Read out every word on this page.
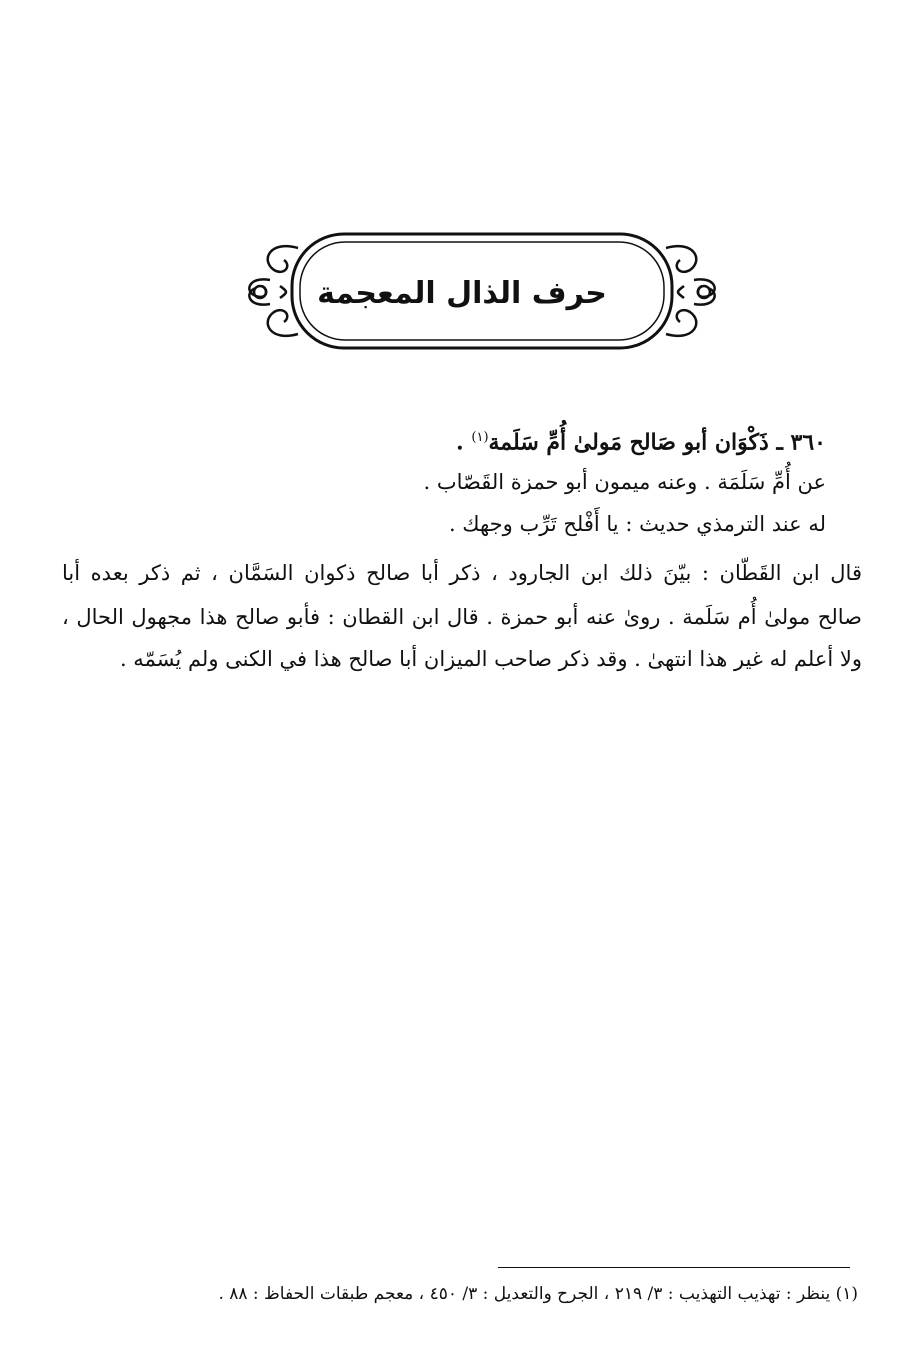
حرف الذال المعجمة
٣٦٠ ـ ذَكْوَان أبو صَالح مَولىٰ أُمِّ سَلَمة$^{(١)}$ .
عن أُمِّ سَلَمَة . وعنه ميمون أبو حمزة القَصّاب .
له عند الترمذي حديث : يا أَفْلح تَرِّب وجهك .
قال ابن القَطّان : بيّنَ ذلك ابن الجارود ، ذكر أبا صالح ذكوان السَمَّان ، ثم ذكر بعده أبا
صالح مولىٰ أُم سَلَمة . روىٰ عنه أبو حمزة . قال ابن القطان : فأبو صالح هذا مجهول الحال ،
ولا أعلم له غير هذا انتهىٰ . وقد ذكر صاحب الميزان أبا صالح هذا في الكنى ولم يُسَمّه .
(١) ينظر : تهذيب التهذيب : ٣/ ٢١٩ ، الجرح والتعديل : ٣/ ٤٥٠ ، معجم طبقات الحفاظ : ٨٨ .
